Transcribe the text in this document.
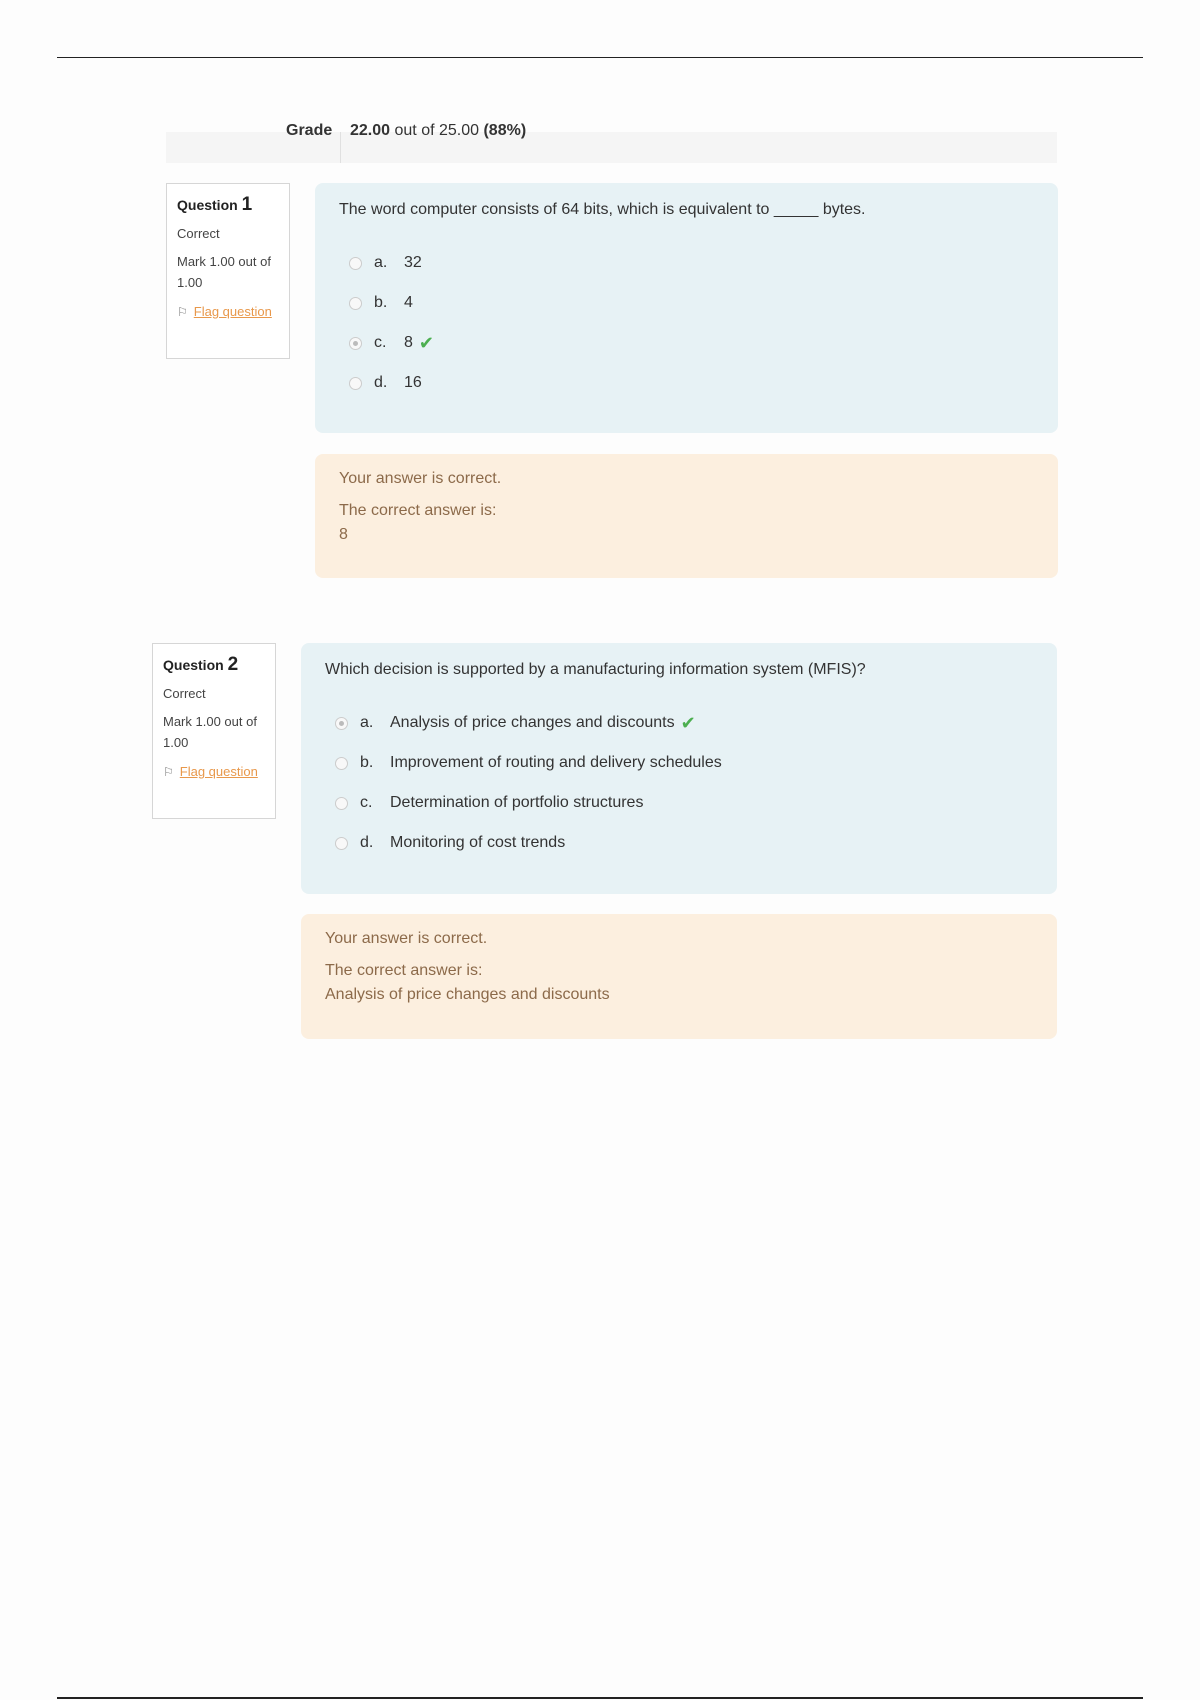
Grade 22.00 out of 25.00 (88%)
Question 1
Correct
Mark 1.00 out of 1.00
⚐ Flag question
The word computer consists of 64 bits, which is equivalent to _____ bytes.
a.	32
b.	4
c.	8 ✔
d.	16
Your answer is correct.
The correct answer is:
8
Question 2
Correct
Mark 1.00 out of 1.00
⚐ Flag question
Which decision is supported by a manufacturing information system (MFIS)?
a.	Analysis of price changes and discounts ✔
b.	Improvement of routing and delivery schedules
c.	Determination of portfolio structures
d.	Monitoring of cost trends
Your answer is correct.
The correct answer is:
Analysis of price changes and discounts
